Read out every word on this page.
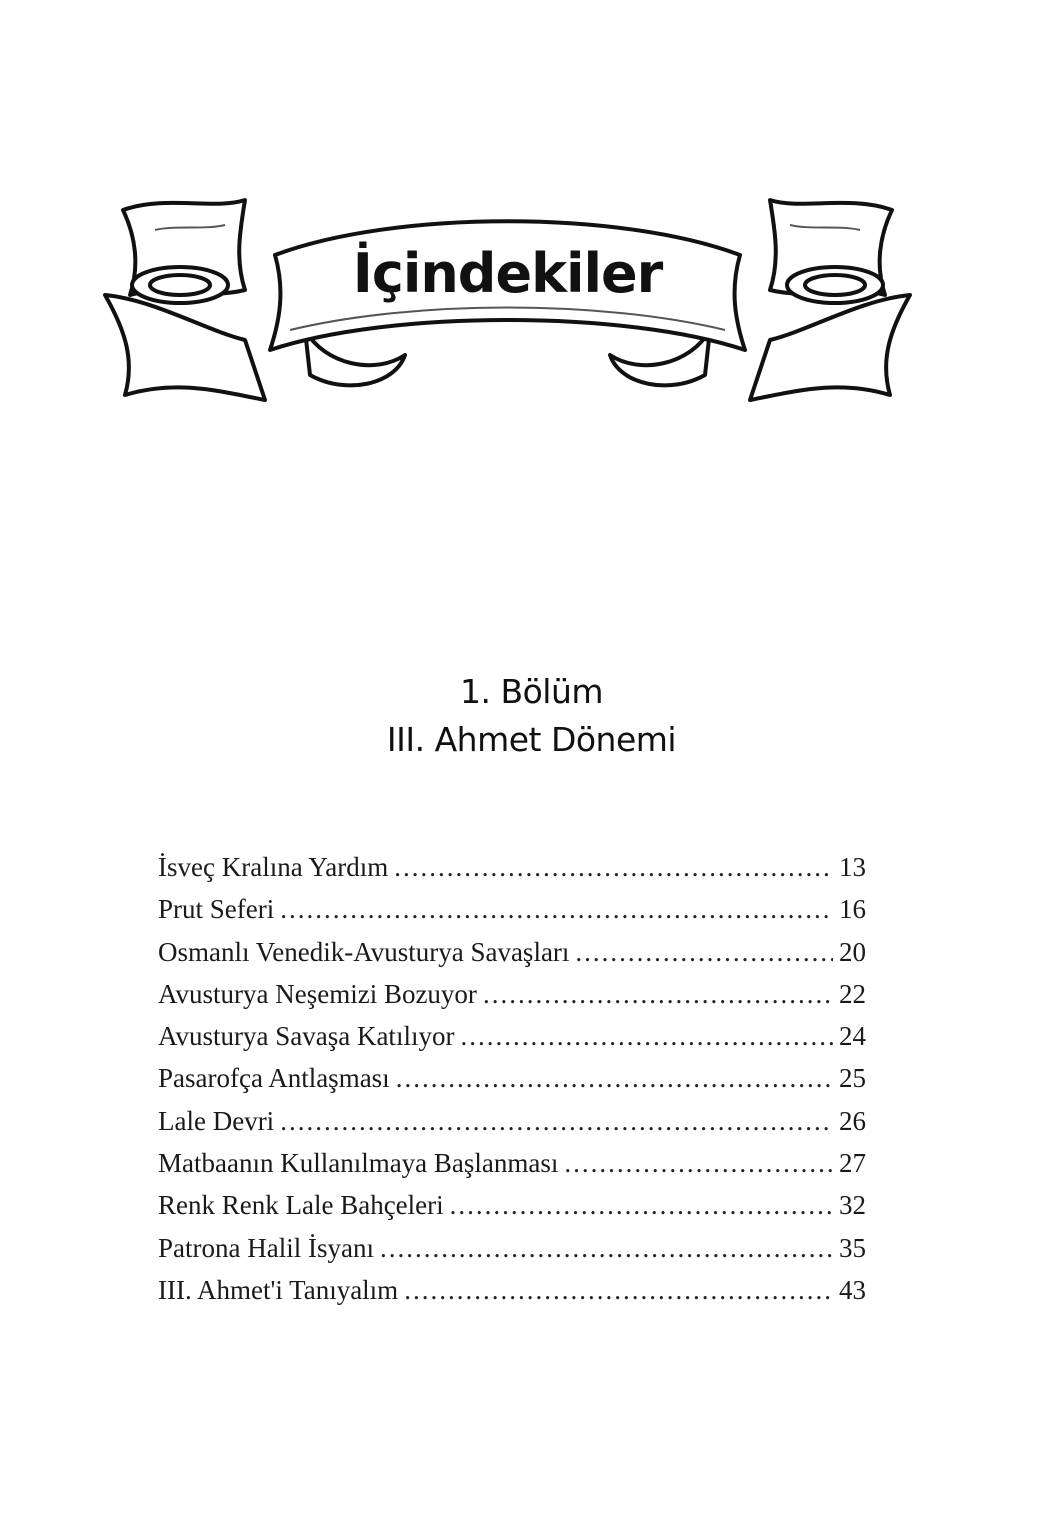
İçindekiler
1. Bölüm
III. Ahmet Dönemi
İsveç Kralına Yardım .....	13
Prut Seferi .....	16
Osmanlı Venedik-Avusturya Savaşları .....	20
Avusturya Neşemizi Bozuyor .....	22
Avusturya Savaşa Katılıyor .....	24
Pasarofça Antlaşması .....	25
Lale Devri .....	26
Matbaanın Kullanılmaya Başlanması .....	27
Renk Renk Lale Bahçeleri .....	32
Patrona Halil İsyanı .....	35
III. Ahmet'i Tanıyalım .....	43
